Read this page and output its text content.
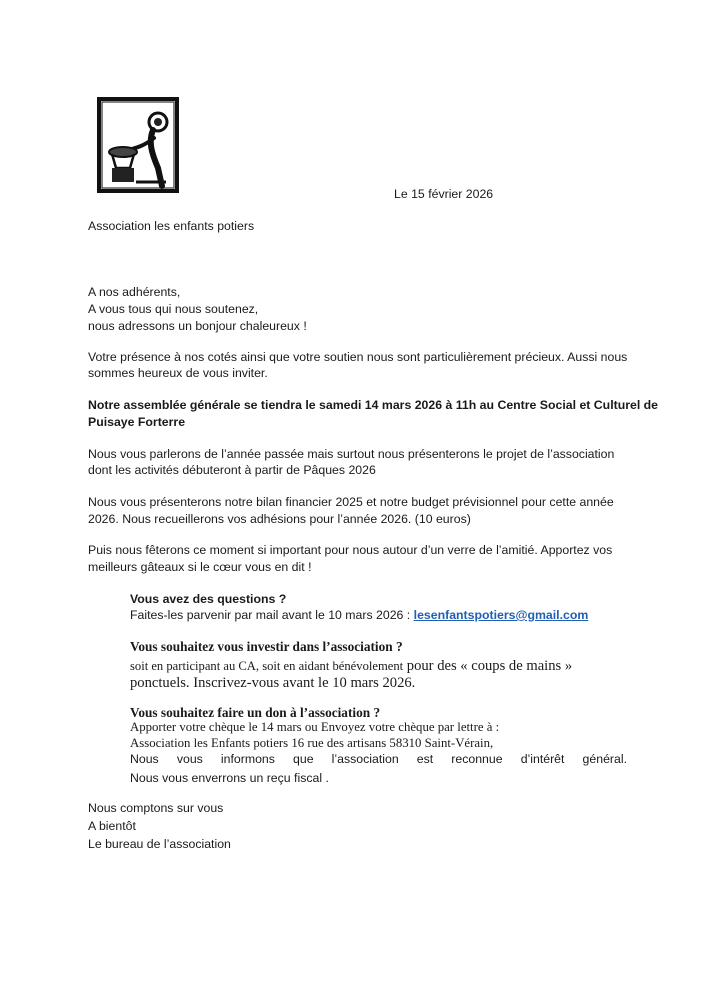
Le 15 février 2026
Association les enfants potiers
A nos adhérents,
A vous tous qui nous soutenez,
nous adressons un bonjour chaleureux !
Votre présence à nos cotés ainsi que votre soutien nous sont particulièrement précieux. Aussi nous
sommes heureux de vous inviter.
Notre assemblée générale se tiendra le samedi 14 mars 2026 à 11h au Centre Social et Culturel de
Puisaye Forterre
Nous vous parlerons de l’année passée mais surtout nous présenterons le projet de l’association
dont les activités débuteront à partir de Pâques 2026
Nous vous présenterons notre bilan financier 2025 et notre budget prévisionnel pour cette année
2026. Nous recueillerons vos adhésions pour l’année 2026. (10 euros)
Puis nous fêterons ce moment si important pour nous autour d’un verre de l’amitié. Apportez vos
meilleurs gâteaux si le cœur vous en dit !
Vous avez des questions ?
Faites-les parvenir par mail avant le 10 mars 2026 : lesenfantspotiers@gmail.com
Vous souhaitez vous investir dans l’association ?
soit en participant au CA, soit en aidant bénévolement pour des « coups de mains »
ponctuels. Inscrivez-vous avant le 10 mars 2026.
Vous souhaitez faire un don à l’association ?
Apporter votre chèque le 14 mars ou Envoyez votre chèque par lettre à :
Association les Enfants potiers 16 rue des artisans 58310 Saint-Vérain,
Nous vous informons que l’association est reconnue d’intérêt général.
Nous vous enverrons un reçu fiscal .
Nous comptons sur vous
A bientôt
Le bureau de l’association
